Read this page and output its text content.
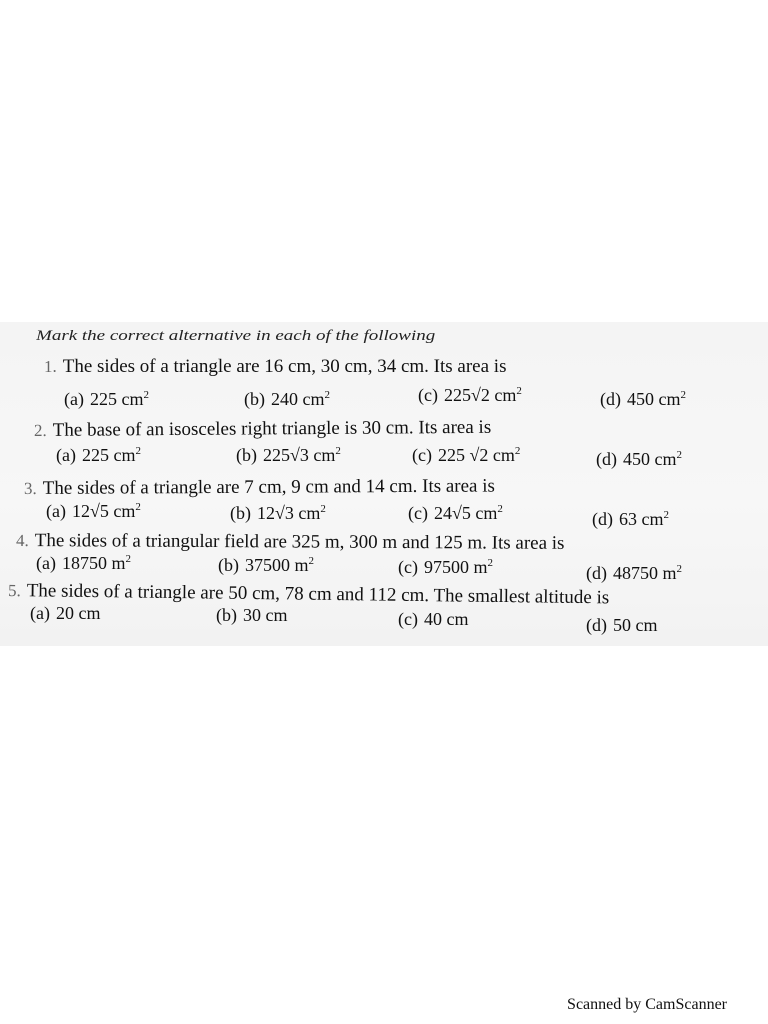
Mark the correct alternative in each of the following
1. The sides of a triangle are 16 cm, 30 cm, 34 cm. Its area is
(a) 225 $cm^2$	(b) 240 $cm^2$	(c) 225√2 $cm^2$	(d) 450 $cm^2$
2. The base of an isosceles right triangle is 30 cm. Its area is
(a) 225 $cm^2$	(b) 225√3 $cm^2$	(c) 225 √2 $cm^2$	(d) 450 $cm^2$
3. The sides of a triangle are 7 cm, 9 cm and 14 cm. Its area is
(a) 12√5 $cm^2$	(b) 12√3 $cm^2$	(c) 24√5 $cm^2$	(d) 63 $cm^2$
4. The sides of a triangular field are 325 m, 300 m and 125 m. Its area is
(a) 18750 $m^2$	(b) 37500 $m^2$	(c) 97500 $m^2$	(d) 48750 $m^2$
5. The sides of a triangle are 50 cm, 78 cm and 112 cm. The smallest altitude is
(a) 20 cm	(b) 30 cm	(c) 40 cm	(d) 50 cm
Scanned by CamScanner
